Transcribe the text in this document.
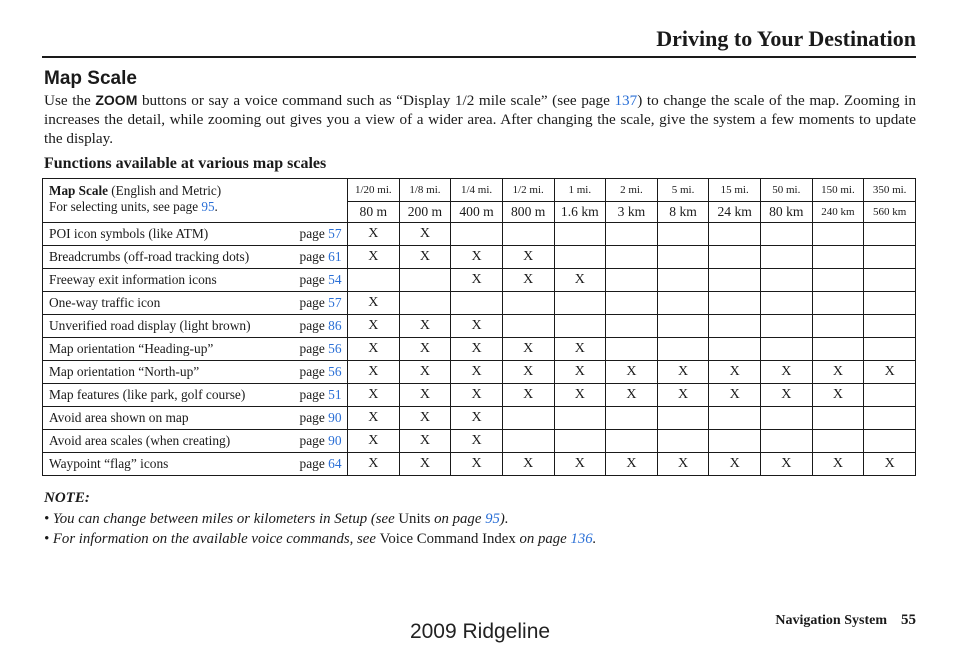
Driving to Your Destination
Map Scale
Use the ZOOM buttons or say a voice command such as “Display 1/2 mile scale” (see page 137) to change the scale of the map. Zooming in increases the detail, while zooming out gives you a view of a wider area. After changing the scale, give the system a few moments to update the display.
Functions available at various map scales
Map Scale (English and Metric)
For selecting units, see page 95.		1/20 mi.	1/8 mi.	1/4 mi.	1/2 mi.	1 mi.	2 mi.	5 mi.	15 mi.	50 mi.	150 mi.	350 mi.
		80 m	200 m	400 m	800 m	1.6 km	3 km	8 km	24 km	80 km	240 km	560 km
POI icon symbols (like ATM)	page 57	X	X									
Breadcrumbs (off-road tracking dots)	page 61	X	X	X	X							
Freeway exit information icons	page 54			X	X	X						
One-way traffic icon	page 57	X										
Unverified road display (light brown)	page 86	X	X	X								
Map orientation “Heading-up”	page 56	X	X	X	X	X						
Map orientation “North-up”	page 56	X	X	X	X	X	X	X	X	X	X	X
Map features (like park, golf course)	page 51	X	X	X	X	X	X	X	X	X	X	
Avoid area shown on map	page 90	X	X	X								
Avoid area scales (when creating)	page 90	X	X	X								
Waypoint “flag” icons	page 64	X	X	X	X	X	X	X	X	X	X	X
NOTE:
• You can change between miles or kilometers in Setup (see Units on page 95).
• For information on the available voice commands, see Voice Command Index on page 136.
Navigation System 55
2009 Ridgeline
